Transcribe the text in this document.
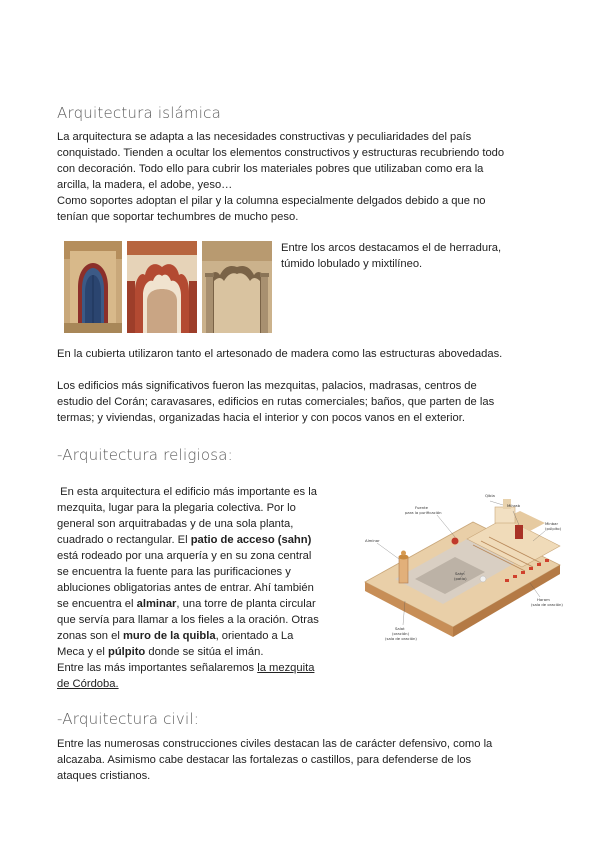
Arquitectura islámica

La arquitectura se adapta a las necesidades constructivas y peculiaridades del país

conquistado. Tienden a ocultar los elementos constructivos y estructuras recubriendo todo

con decoración. Todo ello para cubrir los materiales pobres que utilizaban como era la

arcilla, la madera, el adobe, yeso…

Como soportes adoptan el pilar y la columna especialmente delgados debido a que no

tenían que soportar techumbres de mucho peso.

Entre los arcos destacamos el de herradura,

túmido lobulado y mixtilíneo.

En la cubierta utilizaron tanto el artesonado de madera como las estructuras abovedadas.

Los edificios más significativos fueron las mezquitas, palacios, madrasas, centros de

estudio del Corán; caravasares, edificios en rutas comerciales; baños, que parten de las

termas; y viviendas, organizadas hacia el interior y con pocos vanos en el exterior.

-Arquitectura religiosa:

En esta arquitectura el edificio más importante es la

mezquita, lugar para la plegaria colectiva. Por lo

general son arquitrabadas y de una sola planta,

cuadrado o rectangular. El patio de acceso (sahn)

está rodeado por una arquería y en su zona central

se encuentra la fuente para las purificaciones y

abluciones obligatorias antes de entrar. Ahí también

se encuentra el alminar, una torre de planta circular

que servía para llamar a los fieles a la oración. Otras

zonas son el muro de la quibla, orientado a La

Meca y el púlpito donde se sitúa el imán.

Entre las más importantes señalaremos la mezquita

de Córdoba.

Qibla
Fuente
para la purificación
Mihrab
Minbar
(púlpito)
Alminar
Sahn
(patio)
Haram
(sala de oración)
Salat
(oración)
(sala de oración)
-Arquitectura civil:

Entre las numerosas construcciones civiles destacan las de carácter defensivo, como la

alcazaba. Asimismo cabe destacar las fortalezas o castillos, para defenderse de los

ataques cristianos.
